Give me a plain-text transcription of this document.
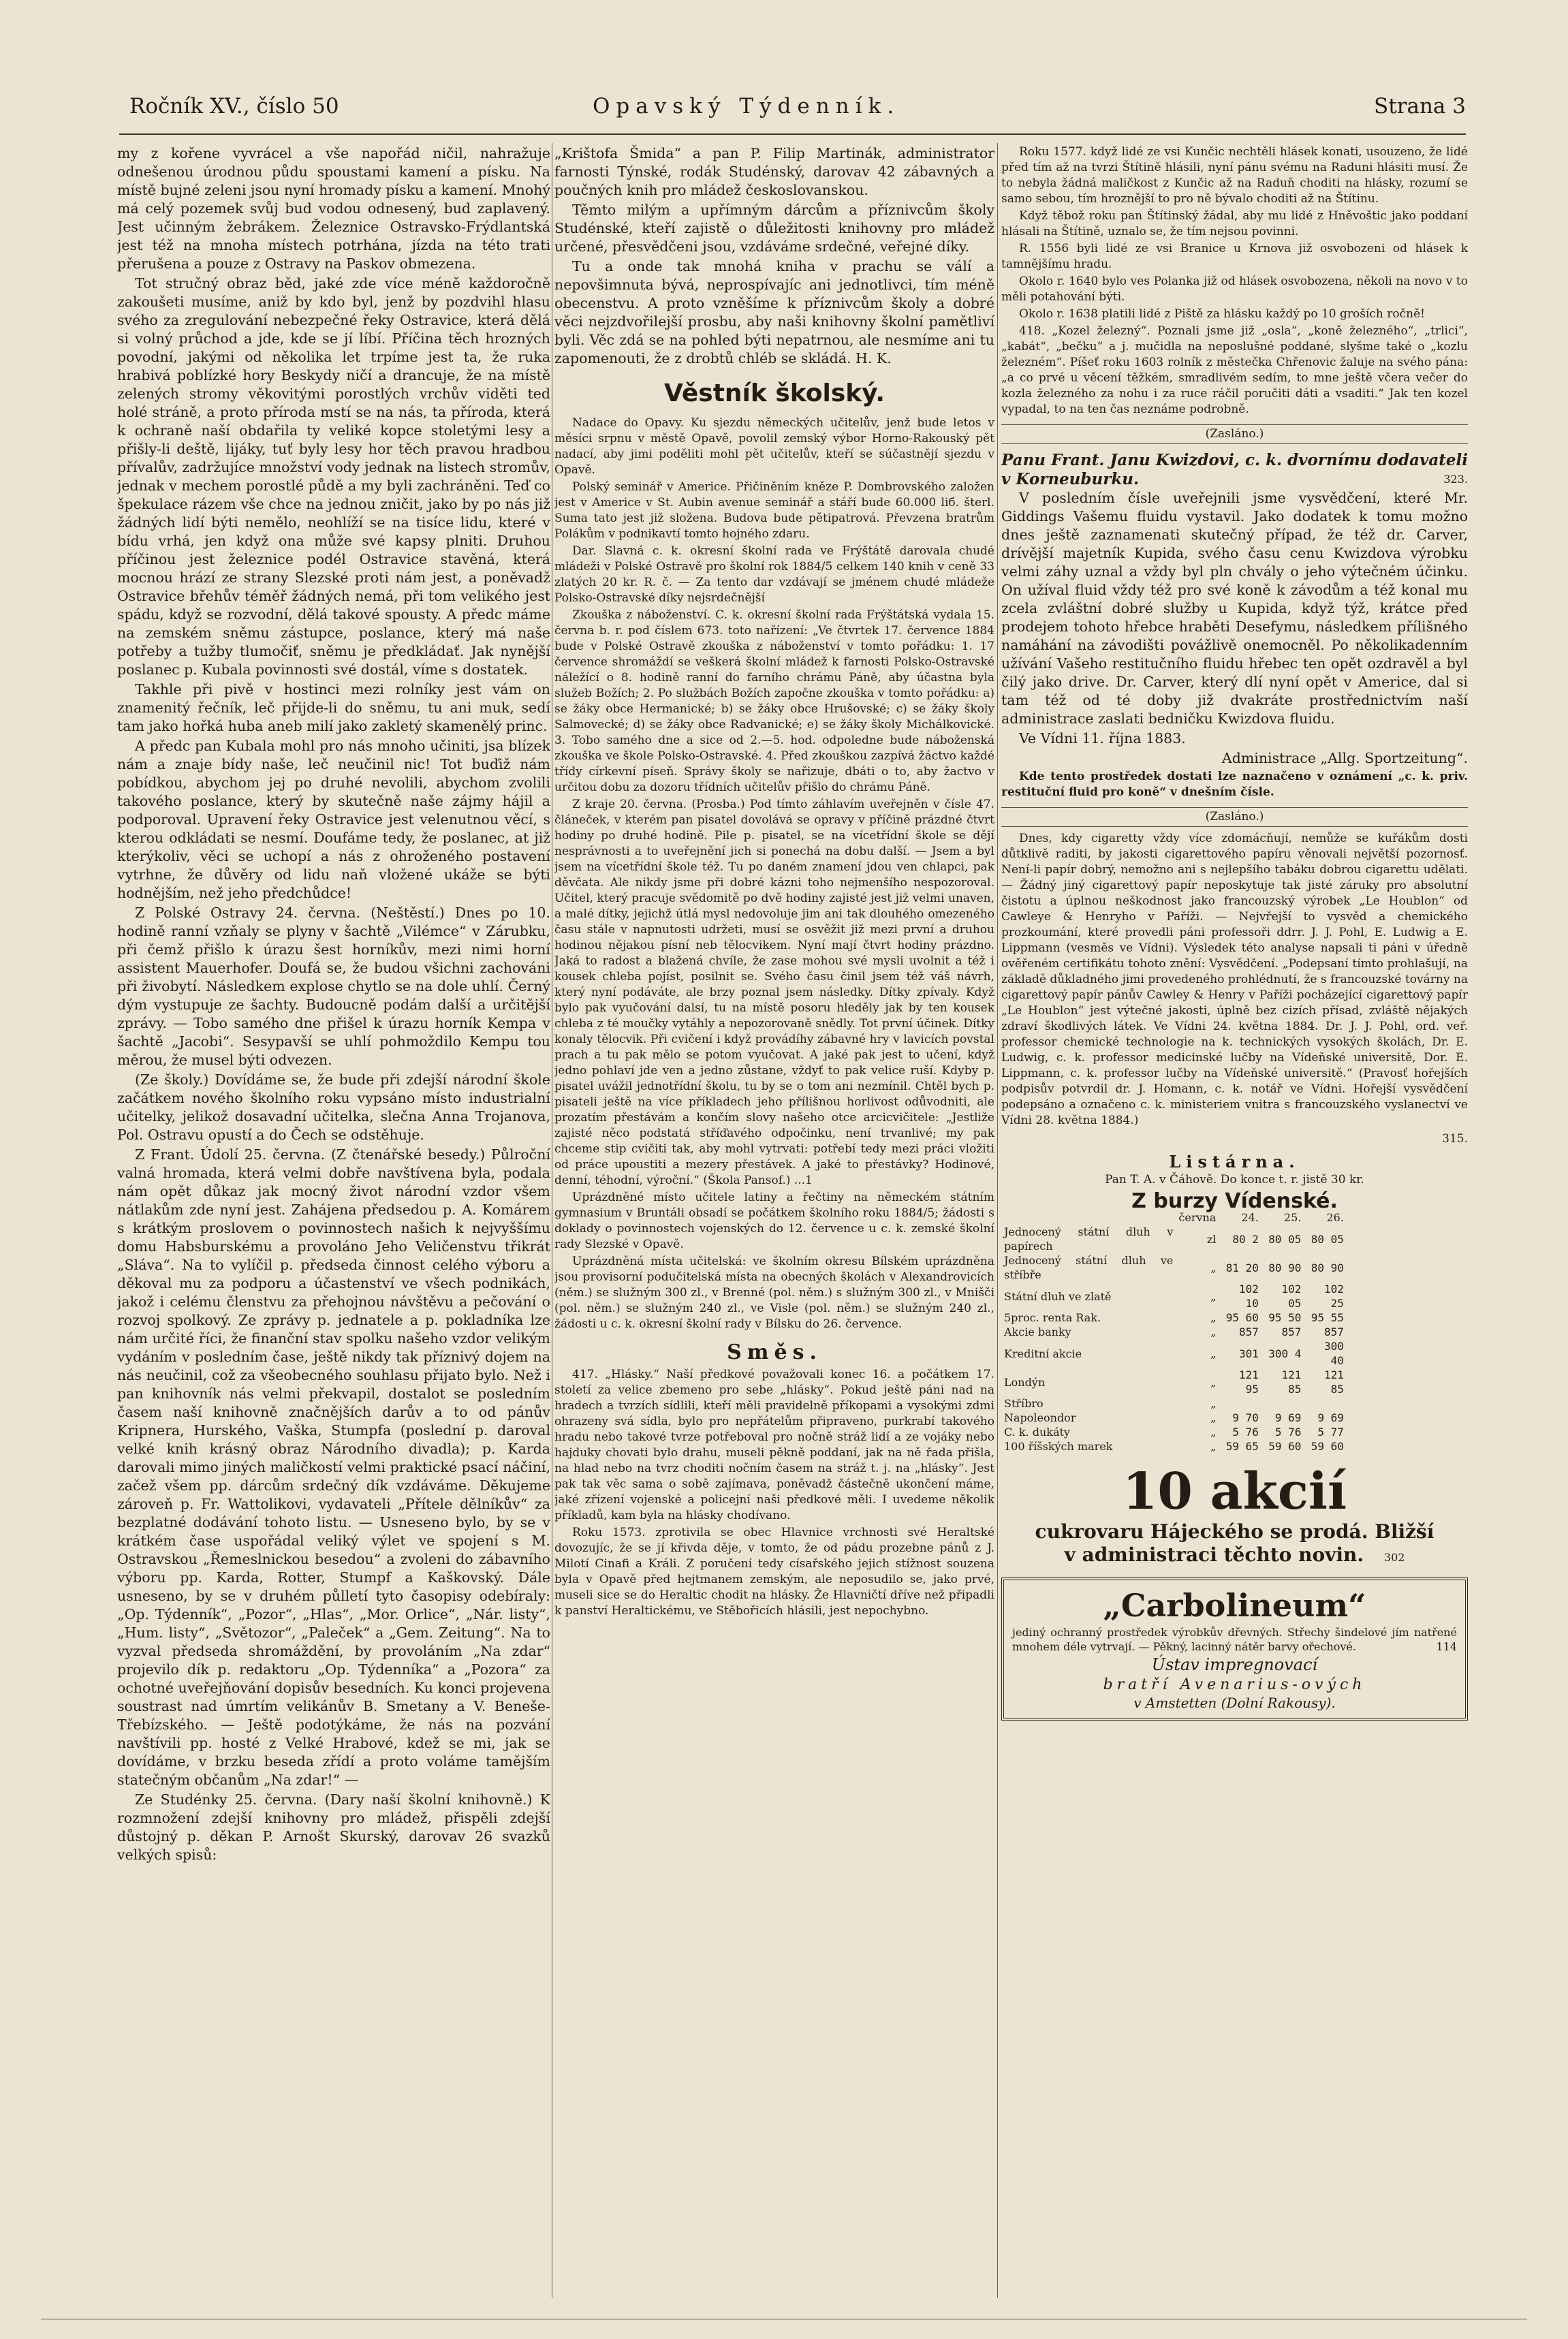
Ročník XV., číslo 50	Opavský Týdenník.	Strana 3

my z kořene vyvrácel a vše napořád ničil, nahražuje odnešenou úrodnou půdu spoustami kamení a písku. Na místě bujné zeleni jsou nyní hromady písku a kamení. Mnohý má celý pozemek svůj bud vodou odnesený, bud zaplavený. Jest učinným žebrákem. Železnice Ostravsko-Frýdlantská jest též na mnoha místech potrhána, jízda na této trati přerušena a pouze z Ostravy na Paskov obmezena.

Tot stručný obraz běd, jaké zde více méně každoročně zakoušeti musíme, aniž by kdo byl, jenž by pozdvihl hlasu svého za zregulování nebezpečné řeky Ostravice, která dělá si volný průchod a jde, kde se jí líbí. Příčina těch hrozných povodní, jakými od několika let trpíme jest ta, že ruka hrabivá poblízké hory Beskydy ničí a drancuje, že na místě zelených stromy věkovitými porostlých vrchův viděti ted holé stráně, a proto příroda mstí se na nás, ta příroda, která k ochraně naší obdařila ty veliké kopce stoletými lesy a přišly-li deště, lijáky, tuť byly lesy hor těch pravou hradbou přívalův, zadržujíce množství vody jednak na listech stromův, jednak v mechem porostlé půdě a my byli zachráněni. Teď co špekulace rázem vše chce na jednou zničit, jako by po nás již žádných lidí býti nemělo, neohlíží se na tisíce lidu, které v bídu vrhá, jen když ona může své kapsy plniti. Druhou příčinou jest železnice podél Ostravice stavěná, která mocnou hrází ze strany Slezské proti nám jest, a poněvadž Ostravice břehův téměř žádných nemá, při tom velikého jest spádu, když se rozvodní, dělá takové spousty. A předc máme na zemském sněmu zástupce, poslance, který má naše potřeby a tužby tlumočiť, sněmu je předkládať. Jak nynější poslanec p. Kubala povinnosti své dostál, víme s dostatek.

Takhle při pivě v hostinci mezi rolníky jest vám on znamenitý řečník, leč přijde-li do sněmu, tu ani muk, sedí tam jako hořká huba aneb milí jako zakletý skamenělý princ.

A předc pan Kubala mohl pro nás mnoho učiniti, jsa blízek nám a znaje bídy naše, leč neučinil nic! Tot buďiž nám pobídkou, abychom jej po druhé nevolili, abychom zvolili takového poslance, který by skutečně naše zájmy hájil a podporoval. Upravení řeky Ostravice jest velenutnou věcí, s kterou odkládati se nesmí. Doufáme tedy, že poslanec, at již kterýkoliv, věci se uchopí a nás z ohroženého postavení vytrhne, že důvěry od lidu naň vložené ukáže se býti hodnějším, než jeho předchůdce!

Z Polské Ostravy 24. června. (Neštěstí.) Dnes po 10. hodině ranní vzňaly se plyny v šachtě „Vilémce“ v Zárubku, při čemž přišlo k úrazu šest horníkův, mezi nimi horní assistent Mauerhofer. Doufá se, že budou všichni zachováni při živobytí. Následkem explose chytlo se na dole uhlí. Černý dým vystupuje ze šachty. Budoucně podám další a určitější zprávy. — Tobo samého dne přišel k úrazu horník Kempa v šachtě „Jacobi“. Sesypavší se uhlí pohmoždilo Kempu tou měrou, že musel býti odvezen.

(Ze školy.) Dovídáme se, že bude při zdejší národní škole začátkem nového školního roku vypsáno místo industrialní učitelky, jelikož dosavadní učitelka, slečna Anna Trojanova, Pol. Ostravu opustí a do Čech se odstěhuje.

Z Frant. Údolí 25. června. (Z čtenářské besedy.) Půlroční valná hromada, která velmi dobře navštívena byla, podala nám opět důkaz jak mocný život národní vzdor všem nátlakům zde nyní jest. Zahájena předsedou p. A. Komárem s krátkým proslovem o povinnostech našich k nejvyššímu domu Habsburskému a provoláno Jeho Veličenstvu třikrát „Sláva“. Na to vylíčil p. předseda činnost celého výboru a děkoval mu za podporu a účastenství ve všech podnikách, jakož i celému členstvu za přehojnou návštěvu a pečování o rozvoj spolkový. Ze zprávy p. jednatele a p. pokladníka lze nám určité říci, že finanční stav spolku našeho vzdor velikým vydáním v posledním čase, ještě nikdy tak příznivý dojem na nás neučinil, což za všeobecného souhlasu přijato bylo. Než i pan knihovník nás velmi překvapil, dostalot se posledním časem naší knihovně značnějších darův a to od pánův Kripnera, Hurského, Vaška, Stumpfa (poslední p. daroval velké knih krásný obraz Národního divadla); p. Karda darovali mimo jiných maličkostí velmi praktické psací náčiní, začež všem pp. dárcům srdečný dík vzdáváme. Děkujeme zároveň p. Fr. Wattolikovi, vydavateli „Přítele dělníkův“ za bezplatné dodávání tohoto listu. — Usneseno bylo, by se v krátkém čase uspořádal veliký výlet ve spojení s M. Ostravskou „Řemeslnickou besedou“ a zvoleni do zábavního výboru pp. Karda, Rotter, Stumpf a Kaškovský. Dále usneseno, by se v druhém půlletí tyto časopisy odebíraly: „Op. Týdenník“, „Pozor“, „Hlas“, „Mor. Orlice“, „Nár. listy“, „Hum. listy“, „Světozor“, „Paleček“ a „Gem. Zeitung“. Na to vyzval předseda shromáždění, by provoláním „Na zdar“ projevilo dík p. redaktoru „Op. Týdenníka“ a „Pozora“ za ochotné uveřejňování dopisův besedních. Ku konci projevena soustrast nad úmrtím velikánův B. Smetany a V. Beneše-Třebízského. — Ještě podotýkáme, že nás na pozvání navštívili pp. hosté z Velké Hrabové, kdež se mi, jak se dovídáme, v brzku beseda zřídí a proto voláme tamějším statečným občanům „Na zdar!“ —

Ze Studénky 25. června. (Dary naší školní knihovně.) K rozmnožení zdejší knihovny pro mládež, přispěli zdejší důstojný p. děkan P. Arnošt Skurský, darovav 26 svazků velkých spisů:

„Krištofa Šmida“ a pan P. Filip Martinák, administrator farnosti Týnské, rodák Studénský, darovav 42 zábavných a poučných knih pro mládež českoslovanskou.

Těmto milým a upřímným dárcům a příznivcům školy Studénské, kteří zajistě o důležitosti knihovny pro mládež určené, přesvědčeni jsou, vzdáváme srdečné, veřejné díky.

Tu a onde tak mnohá kniha v prachu se válí a nepovšimnuta bývá, neprospívajíc ani jednotlivci, tím méně obecenstvu. A proto vzněšíme k příznivcům školy a dobré věci nejzdvořilejší prosbu, aby naši knihovny školní pamětliví byli. Věc zdá se na pohled býti nepatrnou, ale nesmíme ani tu zapomenouti, že z drobtů chléb se skládá. H. K.

Věstník školský.

Nadace do Opavy. Ku sjezdu německých učitelův, jenž bude letos v měsíci srpnu v městě Opavě, povolil zemský výbor Horno-Rakouský pět nadací, aby jimi poděliti mohl pět učitelův, kteří se súčastnějí sjezdu v Opavě.

Polský seminář v Americe. Přičiněním kněze P. Dombrovského založen jest v Americe v St. Aubin avenue seminář a stáří bude 60.000 liб. šterl. Suma tato jest již složena. Budova bude pětipatrová. Převzena bratrům Polákům v podnikavtí tomto hojného zdaru.

Dar. Slavná c. k. okresní školní rada ve Frýštátě darovala chudé mládeži v Polské Ostravě pro školní rok 1884/5 celkem 140 knih v ceně 33 zlatých 20 kr. R. č. — Za tento dar vzdávají se jménem chudé mládeže Polsko-Ostravské díky nejsrdečnější

Zkouška z náboženství. C. k. okresní školní rada Frýštátská vydala 15. června b. r. pod číslem 673. toto nařízení: „Ve čtvrtek 17. července 1884 bude v Polské Ostravě zkouška z náboženství v tomto pořádku: 1. 17 července shromáždí se veškerá školní mládež k farnosti Polsko-Ostravské náležící o 8. hodině ranní do farního chrámu Páně, aby účastna byla služeb Božích; 2. Po službách Božích započne zkouška v tomto pořádku: a) se žáky obce Hermanické; b) se žáky obce Hrušovské; c) se žáky školy Salmovecké; d) se žáky obce Radvanické; e) se žáky školy Michálkovické. 3. Tobo samého dne a sice od 2.—5. hod. odpoledne bude náboženská zkouška ve škole Polsko-Ostravské. 4. Před zkouškou zazpívá žáctvo každé třídy církevní píseň. Správy školy se nařizuje, dbáti o to, aby žactvo v určitou dobu za dozoru třídních učitelův přišlo do chrámu Páně.

Z kraje 20. června. (Prosba.) Pod tímto záhlavím uveřejněn v čísle 47. článeček, v kterém pan pisatel dovolává se opravy v příčině prázdné čtvrt hodiny po druhé hodině. Pile p. pisatel, se na vícetřídní škole se dějí nesprávnosti a to uveřejnění jich si ponechá na dobu další. — Jsem a byl jsem na vícetřídní škole též. Tu po daném znamení jdou ven chlapci, pak děvčata. Ale nikdy jsme při dobré kázni toho nejmenšího nespozoroval. Učitel, který pracuje svědomitě po dvě hodiny zajisté jest již velmi unaven, a malé dítky, jejichž útlá mysl nedovoluje jim ani tak dlouhého omezeného času stále v napnutosti udržeti, musí se osvěžit již mezi první a druhou hodinou nějakou písní neb tělocvikem. Nyní mají čtvrt hodiny prázdno. Jaká to radost a blažená chvíle, že zase mohou své mysli uvolnit a též i kousek chleba pojíst, posilnit se. Svého času činil jsem též váš návrh, který nyní podáváte, ale brzy poznal jsem následky. Dítky zpívaly. Když bylo pak vyučování dalsí, tu na místě posoru hleděly jak by ten kousek chleba z té moučky vytáhly a nepozorovaně snědly. Tot první účinek. Dítky konaly tělocvik. Při cvičení i když provádíhy zábavné hry v lavicích povstal prach a tu pak mělo se potom vyučovat. A jaké pak jest to učení, když jedno pohlaví jde ven a jedno zůstane, vždyť to pak velice ruší. Kdyby p. pisatel uvážil jednotřídní školu, tu by se o tom ani nezmínil. Chtěl bych p. pisateli ještě na více příkladech jeho přílišnou horlivost odůvodniti, ale prozatím přestávám a končím slovy našeho otce arcicvičitele: „Jestliže zajisté něco podstatá stříďavého odpočinku, není trvanlivé; my pak chceme stip cvičiti tak, aby mohl vytrvati: potřebí tedy mezi práci vložiti od práce upoustiti a mezery přestávek. A jaké to přestávky? Hodinové, denní, téhodní, výroční.“ (Škola Pansof.) ...1

Uprázdněné místo učitele latiny a řečtiny na německém státním gymnasium v Bruntáli obsadí se počátkem školního roku 1884/5; žádosti s doklady o povinnostech vojenských do 12. července u c. k. zemské školní rady Slezské v Opavě.

Uprázdněná místa učitelská: ve školním okresu Bílském uprázdněna jsou provisorní podučitelská místa na obecných školách v Alexandrovicích (něm.) se služným 300 zl., v Brenné (pol. něm.) s služným 300 zl., v Mnišči (pol. něm.) se služným 240 zl., ve Visle (pol. něm.) se služným 240 zl., žádosti u c. k. okresní školní rady v Bílsku do 26. července.

Směs.

417. „Hlásky.“ Naší předkové považovali konec 16. a počátkem 17. století za velice zbemeno pro sebe „hlásky“. Pokud ještě páni nad na hradech a tvrzích sídlili, kteří měli pravidelně příkopami a vysokými zdmi ohrazeny svá sídla, bylo pro nepřátelům připraveno, purkrabí takového hradu nebo takové tvrze potřeboval pro nočně stráž lidí a ze vojáky nebo hajduky chovati bylo drahu, museli pěkně poddaní, jak na ně řada přišla, na hlad nebo na tvrz choditi nočním časem na stráž t. j. na „hlásky“. Jest pak tak věc sama o sobě zajímava, poněvadž částečně ukončení máme, jaké zřízení vojenské a policejní naši předkové měli. I uvedeme několik příkladů, kam byla na hlásky chodívano.

Roku 1573. zprotivila se obec Hlavnice vrchnosti své Heraltské dovozujíc, že se jí křivda děje, v tomto, že od pádu prozebne pánů z J. Milotí Cinafi a Králi. Z poručení tedy císařského jejich stížnost souzena byla v Opavě před hejtmanem zemským, ale neposudilo se, jako prvé, museli sice se do Heraltic chodit na hlásky. Že Hlavničtí dříve než připadli k panství Heraltickému, ve Stěbořicích hlásili, jest nepochybno.

Roku 1577. když lidé ze vsi Kunčic nechtěli hlásek konati, usouzeno, že lidé před tím až na tvrzi Štítině hlásili, nyní pánu svému na Raduni hlásiti musí. Že to nebyla žádná maličkost z Kunčic až na Raduň choditi na hlásky, rozumí se samo sebou, tím hroznější to pro ně bývalo choditi až na Štítinu.

Když těbož roku pan Štítinský žádal, aby mu lidé z Hněvoštic jako poddaní hlásali na Štítině, uznalo se, že tím nejsou povinni.

R. 1556 byli lidé ze vsi Branice u Krnova již osvobozeni od hlásek k tamnějšímu hradu.

Okolo r. 1640 bylo ves Polanka již od hlásek osvobozena, několi na novo v to měli potahování býti.

Okolo r. 1638 platili lidé z Piště za hlásku každý po 10 groších ročně!

418. „Kozel železný“. Poznali jsme již „osla“, „koně železného“, „trlici“, „kabát“, „bečku“ a j. mučidla na neposlušné poddané, slyšme také o „kozlu železném“. Píšeť roku 1603 rolník z městečka Chřenovic žaluje na svého pána: „a co prvé u věcení těžkém, smradlivém sedím, to mne ještě včera večer do kozla železného za nohu i za ruce ráčil poručiti dáti a vsaditi.“ Jak ten kozel vypadal, to na ten čas neznáme podrobně.

(Zasláno.)
Panu Frant. Janu Kwizdovi, c. k. dvornímu dodavateli v Korneuburku.	323.

V posledním čísle uveřejnili jsme vysvědčení, které Mr. Giddings Vašemu fluidu vystavil. Jako dodatek k tomu možno dnes ještě zaznamenati skutečný případ, že též dr. Carver, drívější majetník Kupida, svého času cenu Kwizdova výrobku velmi záhy uznal a vždy byl pln chvály o jeho výtečném účinku. On užíval fluid vždy též pro své koně k závodům a též konal mu zcela zvláštní dobré služby u Kupida, když týž, krátce před prodejem tohoto hřebce hraběti Desefymu, následkem přílišného namáhání na závodišti povážlivě onemocněl. Po několikadenním užívání Vašeho restitučního fluidu hřebec ten opět ozdravěl a byl čilý jako drive. Dr. Carver, který dlí nyní opět v Americe, dal si tam též od té doby již dvakráte prostřednictvím naší administrace zaslati bedničku Kwizdova fluidu.

Ve Vídni 11. října 1883.

Administrace „Allg. Sportzeitung“.

Kde tento prostředek dostati lze naznačeno v oznámení „c. k. priv. restituční fluid pro koně“ v dnešním čísle.

(Zasláno.)

Dnes, kdy cigaretty vždy více zdomácňují, nemůže se kuřákům dosti důtklivě raditi, by jakosti cigarettového papíru věnovali největší pozornosť. Není-li papír dobrý, nemožno ani s nejlepšího tabáku dobrou cigarettu udělati. — Žádný jiný cigarettový papír neposkytuje tak jisté záruky pro absolutní čistotu a úplnou neškodnost jako francouzský výrobek „Le Houblon“ od Cawleye & Henryho v Paříži. — Nejvřejší to vysvěd a chemického prozkoumání, které provedli páni professoři ddrr. J. J. Pohl, E. Ludwig a E. Lippmann (vesměs ve Vídni). Výsledek této analyse napsali ti páni v úředně ověřeném certifikátu tohoto znění: Vysvědčení. „Podepsaní tímto prohlašují, na základě důkladného jimi provedeného prohlédnutí, že s francouzské továrny na cigarettový papír pánův Cawley & Henry v Paříži pocházející cigarettový papír „Le Houblon“ jest výtečné jakosti, úplně bez cizích přísad, zvláště nějakých zdraví škodlivých látek. Ve Vídni 24. května 1884. Dr. J. J. Pohl, ord. veř. professor chemické technologie na k. technických vysokých školách, Dr. E. Ludwig, c. k. professor medicinské lučby na Vídeňské universitě, Dor. E. Lippmann, c. k. professor lučby na Vídeňské universitě.“ (Pravosť hořejších podpisův potvrdil dr. J. Homann, c. k. notář ve Vídni. Hořejší vysvědčení podepsáno a označeno c. k. ministeriem vnitra s francouzského vyslanectví ve Vídni 28. května 1884.)

315.
Listárna.

Pan T. A. v Čáhově. Do konce t. r. jistě 30 kr.

Z burzy Vídenské.
	června	24.	25.	26.
Jednocený státní dluh v papírech	zl	80 2	80 05	80 05
Jednocený státní dluh ve stříbře	„	81 20	80 90	80 90
Státní dluh ve zlatě	„	102 10	102 05	102 25
5proc. renta Rak.	„	95 60	95 50	95 55
Akcie banky	„	857	857	857
Kreditní akcie	„	301	300 4	300 40
Londýn	„	121 95	121 85	121 85
Stříbro	„			
Napoleondor	„	9 70	9 69	9 69
C. k. dukáty	„	5 76	5 76	5 77
100 říšských marek	„	59 65	59 60	59 60
10 akcií
cukrovaru Hájeckého se prodá. Bližší
v administraci těchto novin. 302
„Carbolineum“
jediný ochranný prostředek výrobkův dřevných. Střechy šindelové jím natřené mnohem déle vytrvají. — Pěkný, lacinný nátěr barvy ořechové.	114
Ústav impregnovací
bratří Avenarius-ových
v Amstetten (Dolní Rakousy).
